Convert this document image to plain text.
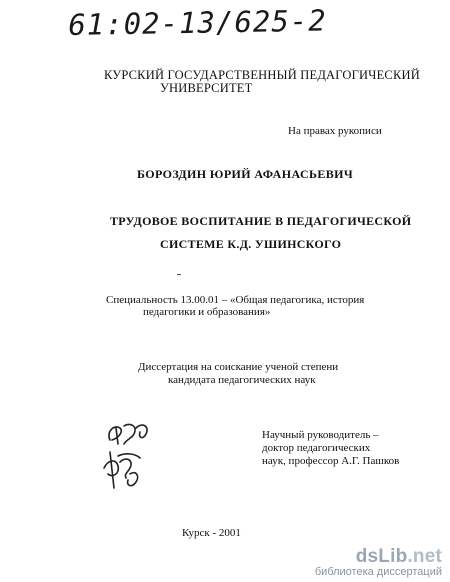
61:02-13/625-2
КУРСКИЙ ГОСУДАРСТВЕННЫЙ ПЕДАГОГИЧЕСКИЙ
УНИВЕРСИТЕТ
На правах рукописи
БОРОЗДИН ЮРИЙ АФАНАСЬЕВИЧ
ТРУДОВОЕ ВОСПИТАНИЕ В ПЕДАГОГИЧЕСКОЙ
СИСТЕМЕ К.Д. УШИНСКОГО
Специальность 13.00.01 – «Общая педагогика, история
педагогики и образования»
Диссертация на соискание ученой степени
кандидата педагогических наук
Научный руководитель –
доктор педагогических
наук, профессор А.Г. Пашков
Курск - 2001
dsLib.net
библиотека диссертаций
